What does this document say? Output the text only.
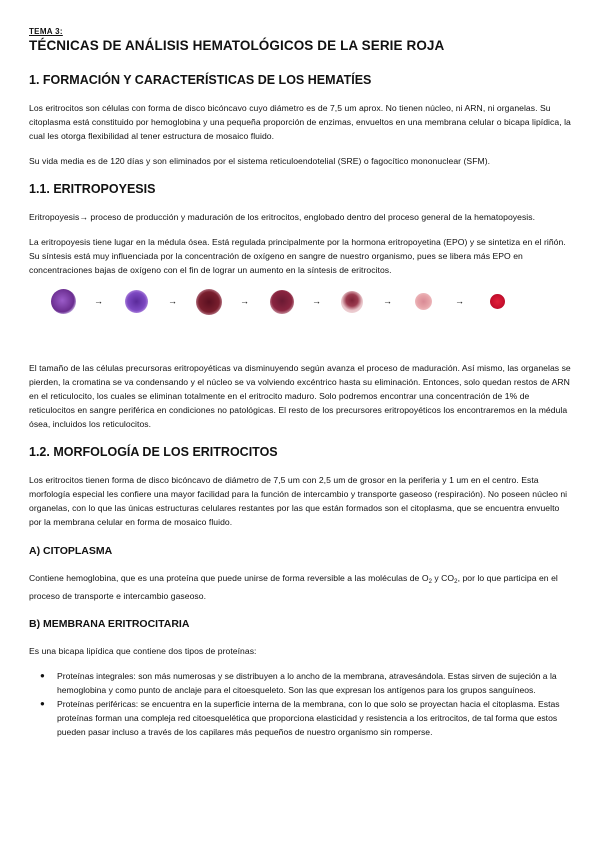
TEMA 3:

TÉCNICAS DE ANÁLISIS HEMATOLÓGICOS DE LA SERIE ROJA

1. FORMACIÓN Y CARACTERÍSTICAS DE LOS HEMATÍES

Los eritrocitos son células con forma de disco bicóncavo cuyo diámetro es de 7,5 um aprox. No tienen núcleo, ni ARN, ni organelas. Su citoplasma está constituido por hemoglobina y una pequeña proporción de enzimas, envueltos en una membrana celular o bicapa lipídica, la cual les otorga flexibilidad al tener estructura de mosaico fluido.

Su vida media es de 120 días y son eliminados por el sistema reticuloendotelial (SRE) o fagocítico mononuclear (SFM).

1.1. ERITROPOYESIS

Eritropoyesis→ proceso de producción y maduración de los eritrocitos, englobado dentro del proceso general de la hematopoyesis.

La eritropoyesis tiene lugar en la médula ósea. Está regulada principalmente por la hormona eritropoyetina (EPO) y se sintetiza en el riñón. Su síntesis está muy influenciada por la concentración de oxígeno en sangre de nuestro organismo, pues se libera más EPO en concentraciones bajas de oxígeno con el fin de lograr un aumento en la síntesis de eritrocitos.

→	→	→	→	→	→

El tamaño de las células precursoras eritropoyéticas va disminuyendo según avanza el proceso de maduración. Así mismo, las organelas se pierden, la cromatina se va condensando y el núcleo se va volviendo excéntrico hasta su eliminación. Entonces, solo quedan restos de ARN en el reticulocito, los cuales se eliminan totalmente en el eritrocito maduro. Solo podremos encontrar una concentración de 1% de reticulocitos en sangre periférica en condiciones no patológicas. El resto de los precursores eritropoyéticos los encontraremos en la médula ósea, incluidos los reticulocitos.

1.2. MORFOLOGÍA DE LOS ERITROCITOS

Los eritrocitos tienen forma de disco bicóncavo de diámetro de 7,5 um con 2,5 um de grosor en la periferia y 1 um en el centro. Esta morfología especial les confiere una mayor facilidad para la función de intercambio y transporte gaseoso (respiración). No poseen núcleo ni organelas, con lo que las únicas estructuras celulares restantes por las que están formados son el citoplasma, que se encuentra envuelto por la membrana celular en forma de mosaico fluido.

A) CITOPLASMA

Contiene hemoglobina, que es una proteína que puede unirse de forma reversible a las moléculas de $O_2$ y $CO_2$, por lo que participa en el proceso de transporte e intercambio gaseoso.

B) MEMBRANA ERITROCITARIA

Es una bicapa lipídica que contiene dos tipos de proteínas:

● Proteínas integrales: son más numerosas y se distribuyen a lo ancho de la membrana, atravesándola. Estas sirven de sujeción a la hemoglobina y como punto de anclaje para el citoesqueleto. Son las que expresan los antígenos para los grupos sanguíneos.
● Proteínas periféricas: se encuentra en la superficie interna de la membrana, con lo que solo se proyectan hacia el citoplasma. Estas proteínas forman una compleja red citoesquelética que proporciona elasticidad y resistencia a los eritrocitos, de tal forma que estos pueden pasar incluso a través de los capilares más pequeños de nuestro organismo sin romperse.
